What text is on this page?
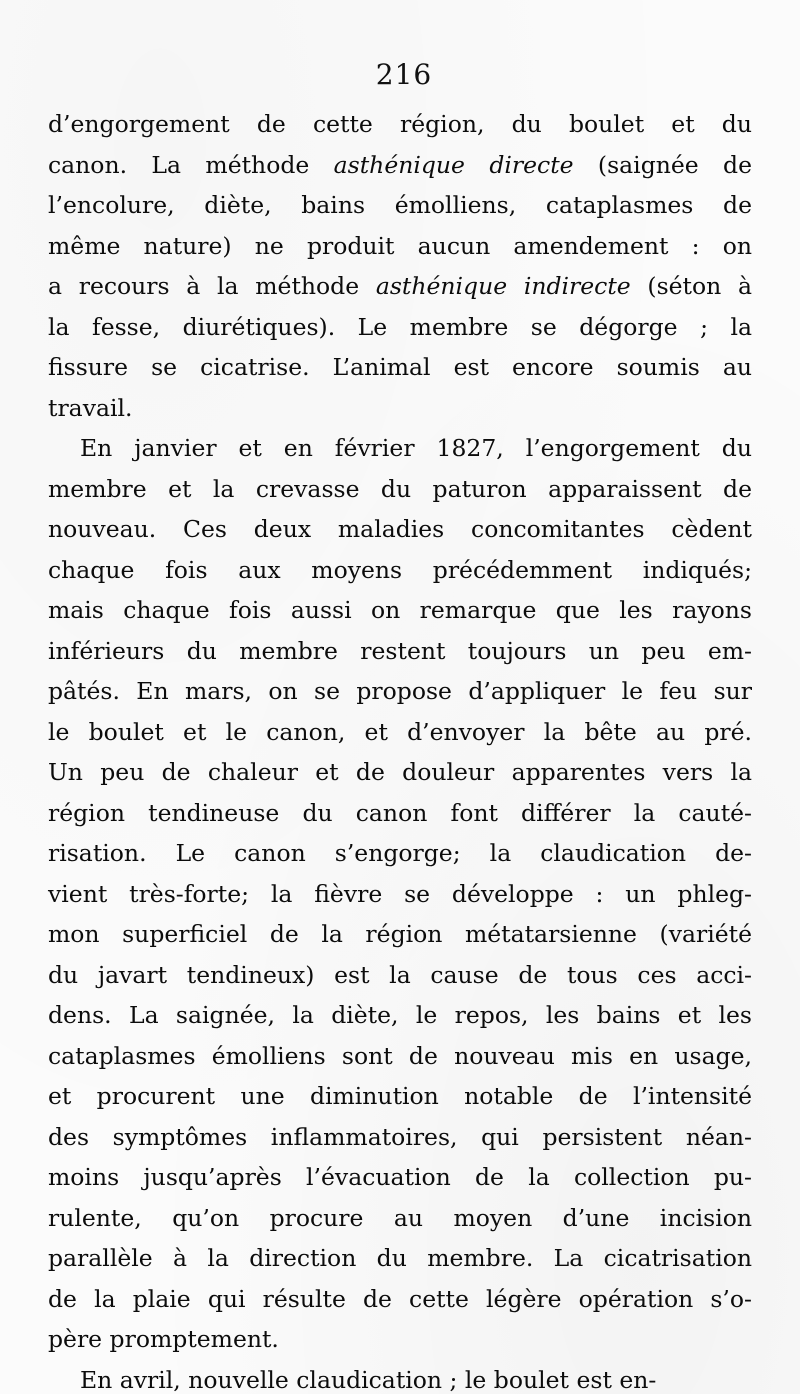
216
d’engorgement de cette région, du boulet et du
canon. La méthode asthénique directe (saignée de
l’encolure, diète, bains émolliens, cataplasmes de
même nature) ne produit aucun amendement : on
a recours à la méthode asthénique indirecte (séton à
la fesse, diurétiques). Le membre se dégorge ; la
fissure se cicatrise. L’animal est encore soumis au
travail.
En janvier et en février 1827, l’engorgement du
membre et la crevasse du paturon apparaissent de
nouveau. Ces deux maladies concomitantes cèdent
chaque fois aux moyens précédemment indiqués;
mais chaque fois aussi on remarque que les rayons
inférieurs du membre restent toujours un peu em-
pâtés. En mars, on se propose d’appliquer le feu sur
le boulet et le canon, et d’envoyer la bête au pré.
Un peu de chaleur et de douleur apparentes vers la
région tendineuse du canon font différer la cauté-
risation. Le canon s’engorge; la claudication de-
vient très-forte; la fièvre se développe : un phleg-
mon superficiel de la région métatarsienne (variété
du javart tendineux) est la cause de tous ces acci-
dens. La saignée, la diète, le repos, les bains et les
cataplasmes émolliens sont de nouveau mis en usage,
et procurent une diminution notable de l’intensité
des symptômes inflammatoires, qui persistent néan-
moins jusqu’après l’évacuation de la collection pu-
rulente, qu’on procure au moyen d’une incision
parallèle à la direction du membre. La cicatrisation
de la plaie qui résulte de cette légère opération s’o-
père promptement.
En avril, nouvelle claudication ; le boulet est en-
